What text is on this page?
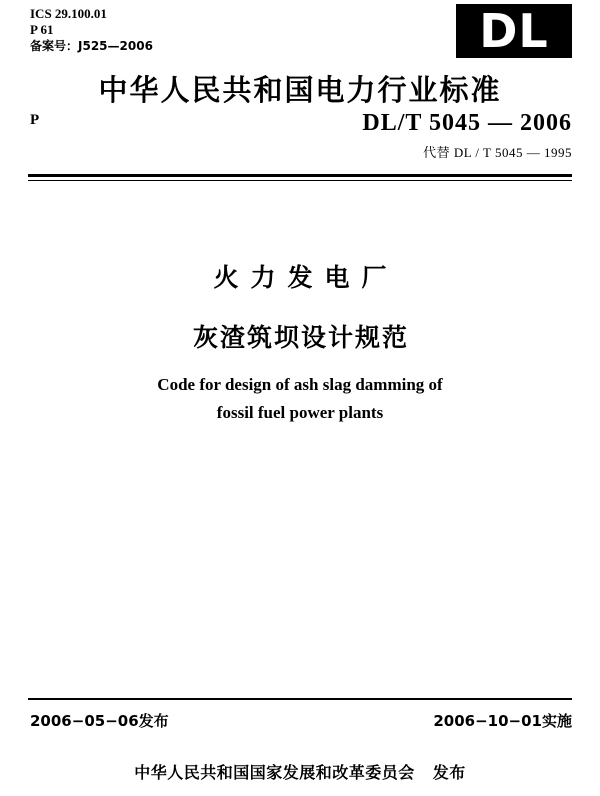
ICS 29.100.01
P 61
备案号：J525—2006	DL
中华人民共和国电力行业标准
P	DL/T 5045 — 2006
代替 DL / T 5045 — 1995
火力发电厂
灰渣筑坝设计规范
Code for design of ash slag damming of
fossil fuel power plants
2006−05−06发布	2006−10−01实施
中华人民共和国国家发展和改革委员会 发布
